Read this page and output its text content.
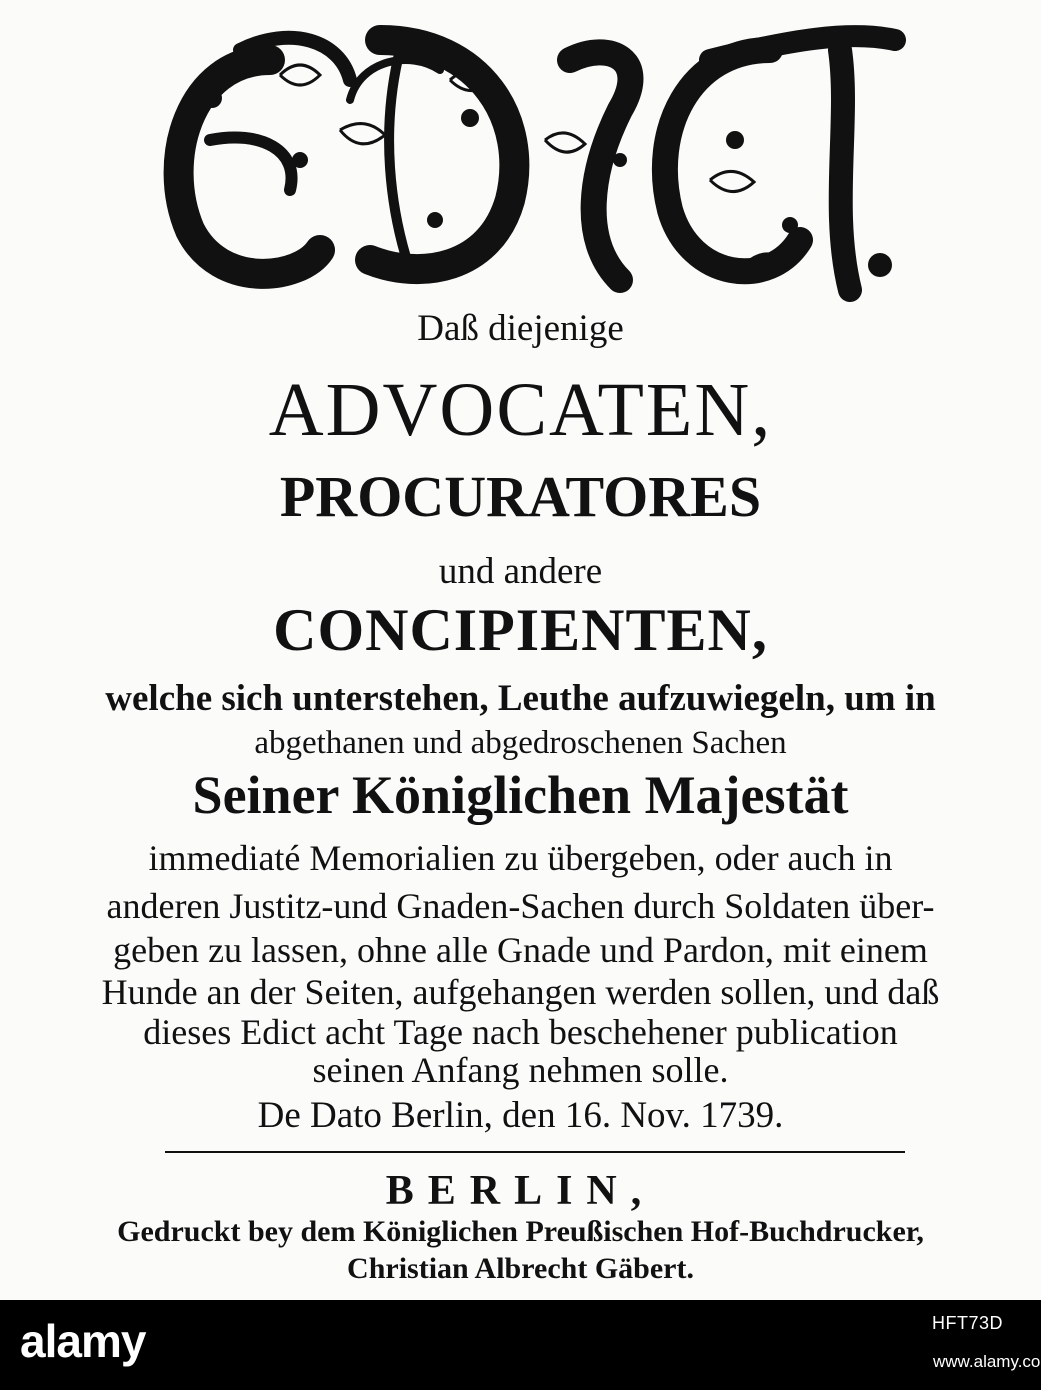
Daß diejenige
ADVOCATEN,
PROCURATORES
und andere
CONCIPIENTEN,
welche sich unterstehen, Leuthe aufzuwiegeln, um in
abgethanen und abgedroschenen Sachen
Seiner Königlichen Majestät
immediaté Memorialien zu übergeben, oder auch in
anderen Justitz-und Gnaden-Sachen durch Soldaten über-
geben zu lassen, ohne alle Gnade und Pardon, mit einem
Hunde an der Seiten, aufgehangen werden sollen, und daß
dieses Edict acht Tage nach beschehener publication
seinen Anfang nehmen solle.
De Dato Berlin, den 16. Nov. 1739.
BERLIN,
Gedruckt bey dem Königlichen Preußischen Hof-Buchdrucker,
Christian Albrecht Gäbert.
alamy	HFT73D
www.alamy.com
